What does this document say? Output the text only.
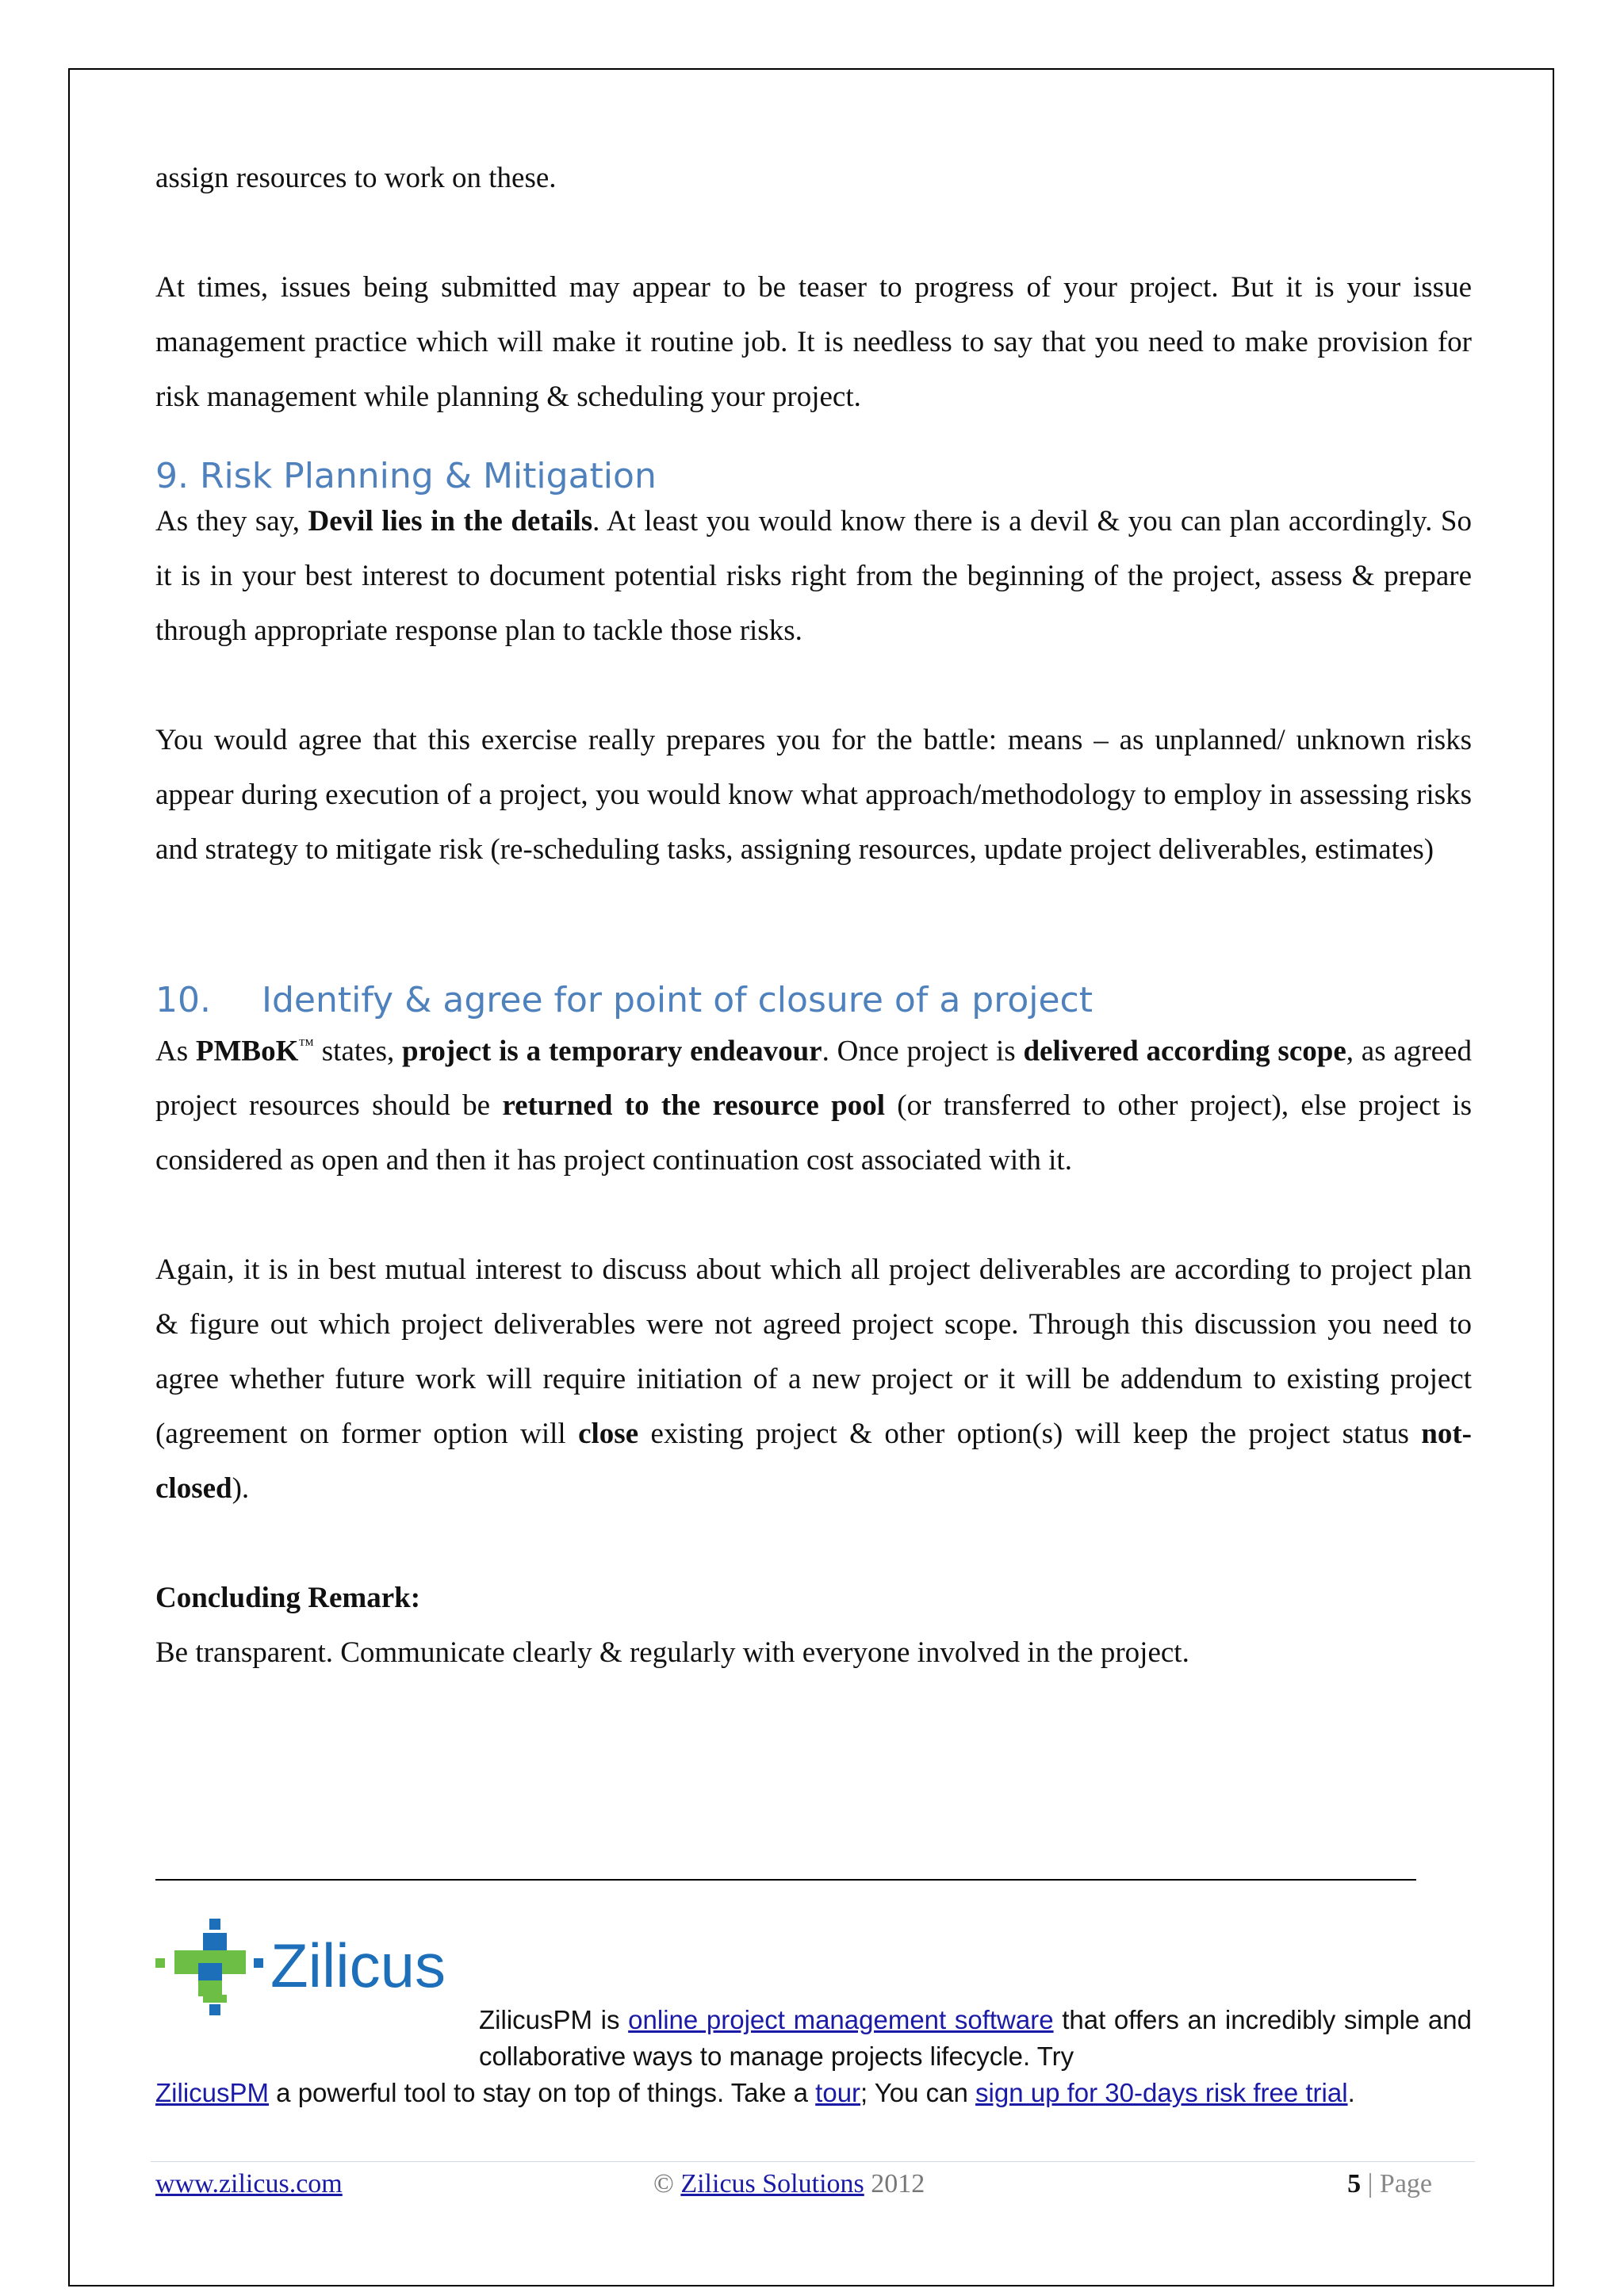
assign resources to work on these.

At times, issues being submitted may appear to be teaser to progress of your project. But it is your issue management practice which will make it routine job. It is needless to say that you need to make provision for risk management while planning & scheduling your project.

9. Risk Planning & Mitigation

As they say, Devil lies in the details. At least you would know there is a devil & you can plan accordingly. So it is in your best interest to document potential risks right from the beginning of the project, assess & prepare through appropriate response plan to tackle those risks.

You would agree that this exercise really prepares you for the battle: means – as unplanned/ unknown risks appear during execution of a project, you would know what approach/methodology to employ in assessing risks and strategy to mitigate risk (re-scheduling tasks, assigning resources, update project deliverables, estimates)

10. Identify & agree for point of closure of a project

As PMBoK™ states, project is a temporary endeavour. Once project is delivered according scope, as agreed project resources should be returned to the resource pool (or transferred to other project), else project is considered as open and then it has project continuation cost associated with it.

Again, it is in best mutual interest to discuss about which all project deliverables are according to project plan & figure out which project deliverables were not agreed project scope. Through this discussion you need to agree whether future work will require initiation of a new project or it will be addendum to existing project (agreement on former option will close existing project & other option(s) will keep the project status not-closed).

Concluding Remark:

Be transparent. Communicate clearly & regularly with everyone involved in the project.

Zilicus
ZilicusPM is online project management software that offers an incredibly simple and collaborative ways to manage projects lifecycle. Try
ZilicusPM a powerful tool to stay on top of things. Take a tour; You can sign up for 30-days risk free trial.
www.zilicus.com	© Zilicus Solutions 2012	5 | Page
